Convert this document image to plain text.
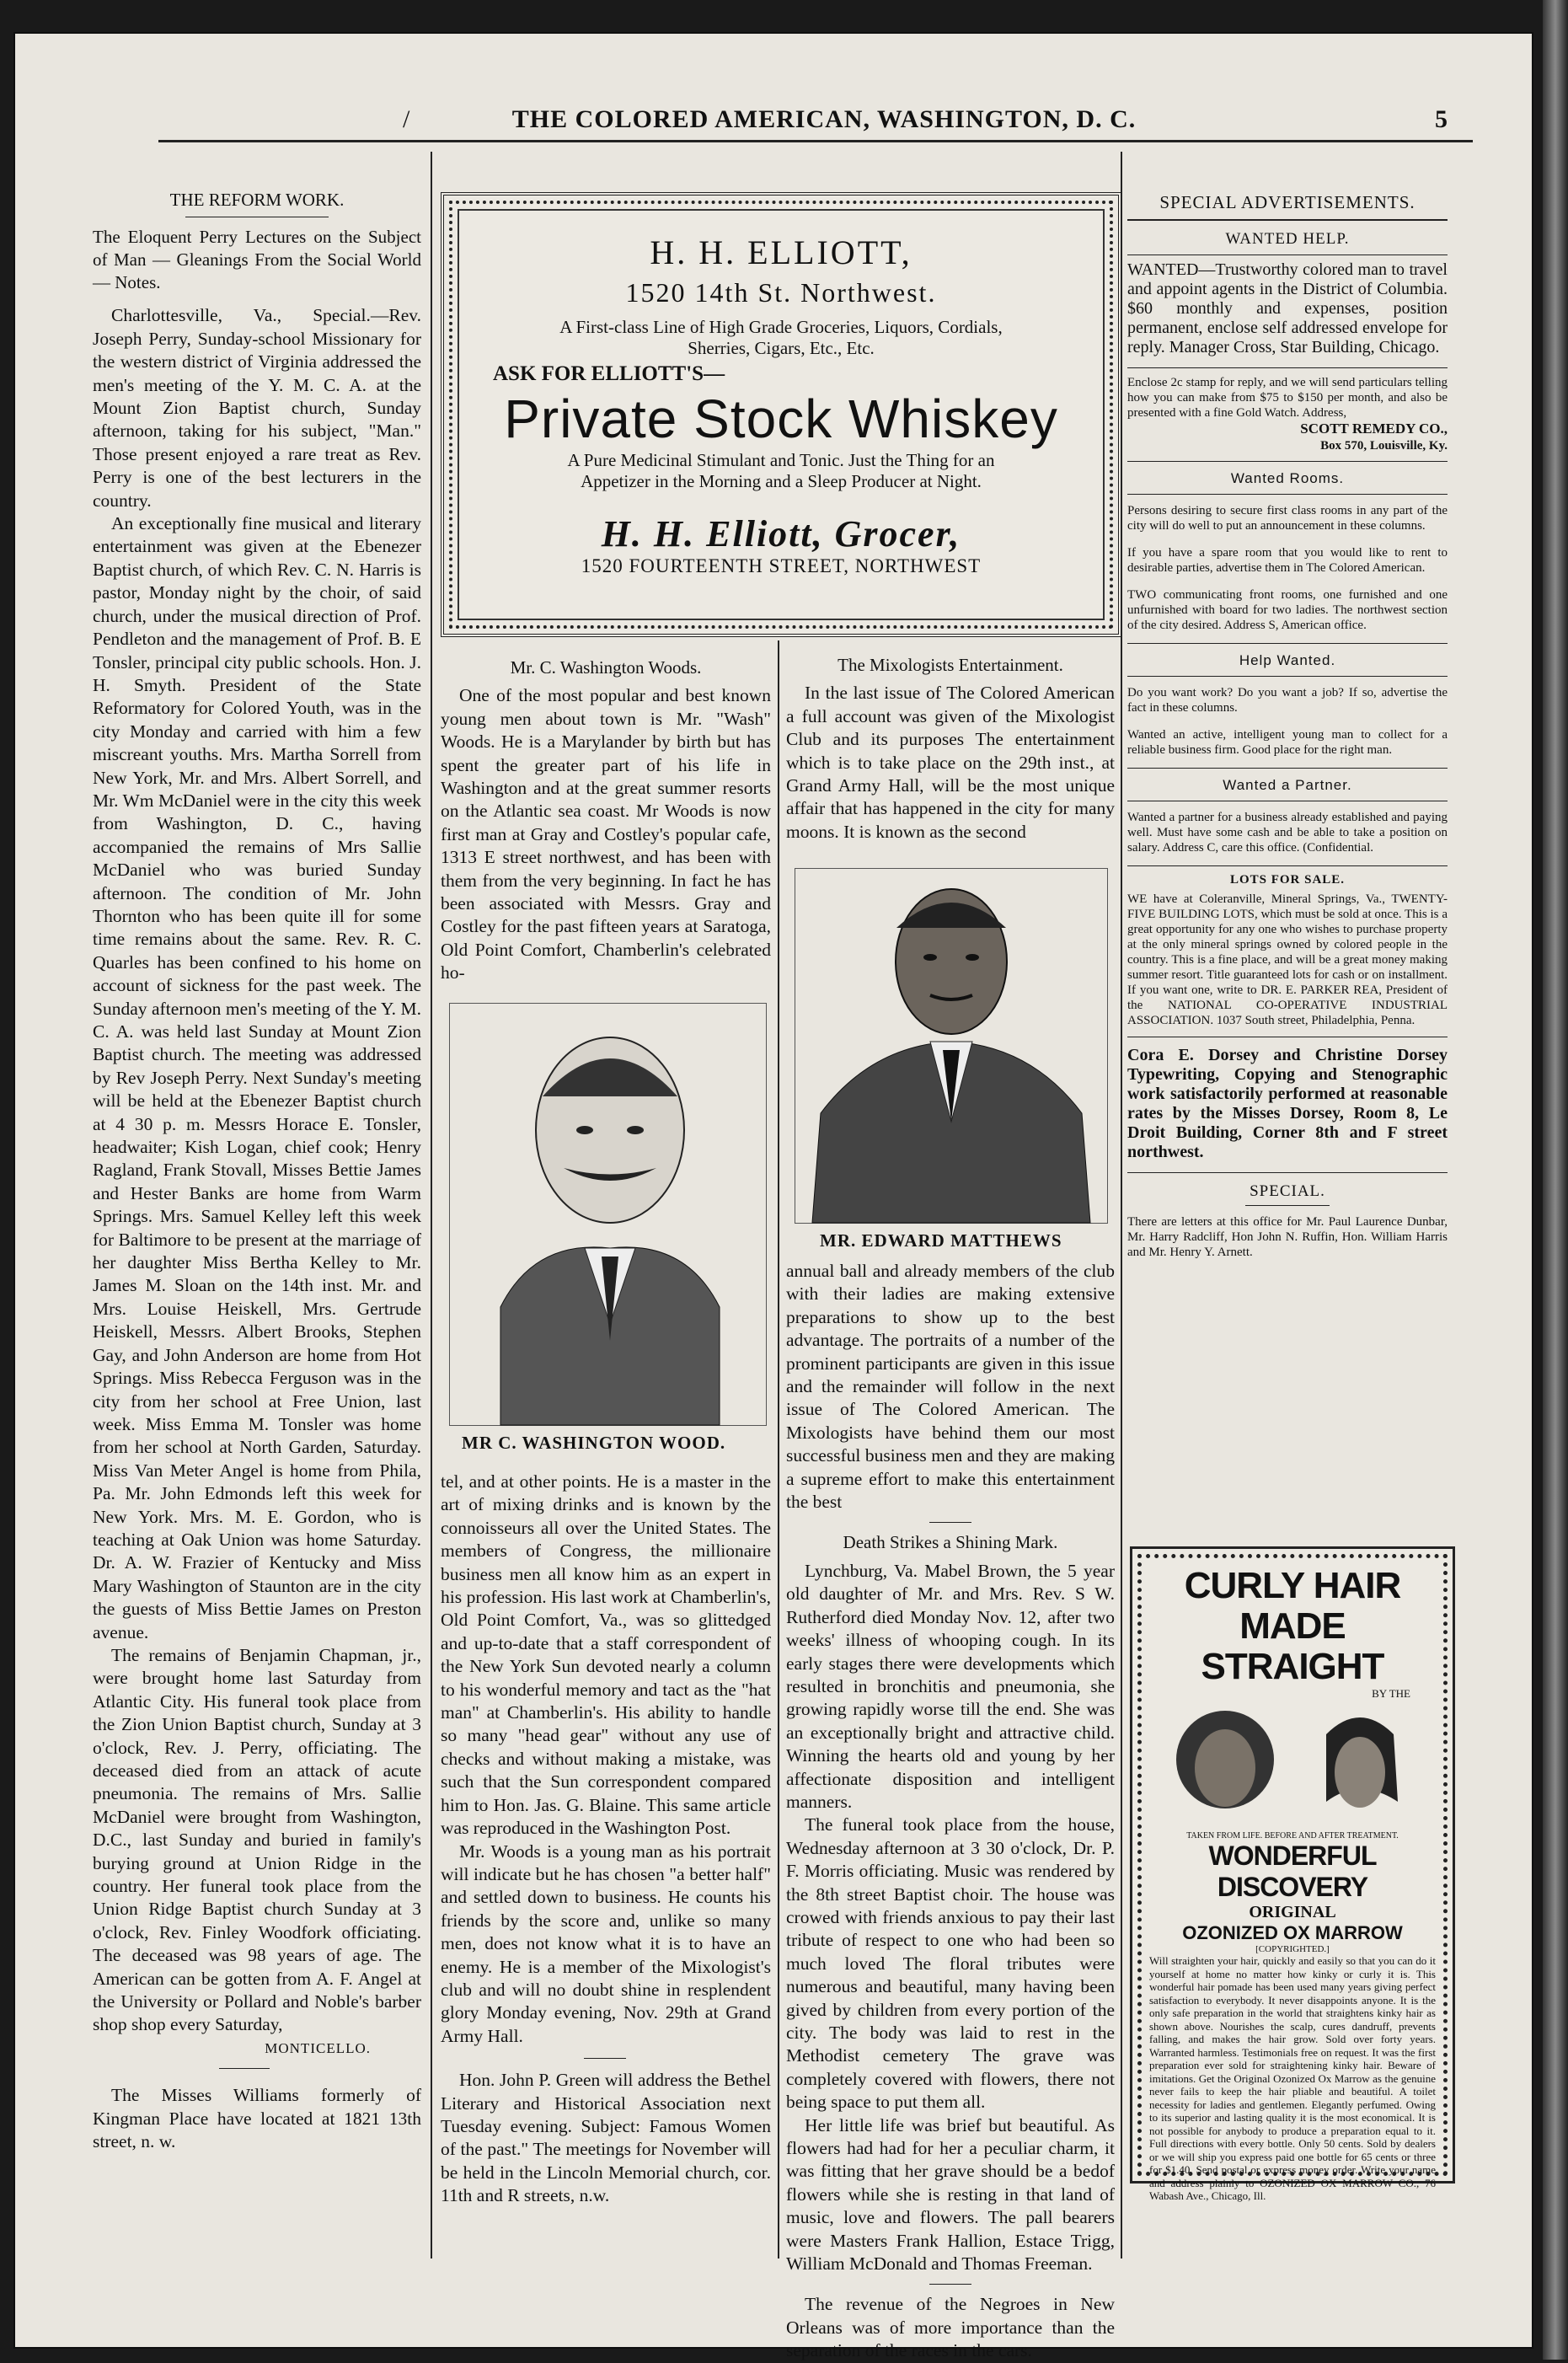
/	THE COLORED AMERICAN, WASHINGTON, D. C.	5
THE REFORM WORK.

The Eloquent Perry Lectures on the Subject of Man — Gleanings From the Social World — Notes.

Charlottesville, Va., Special.—Rev. Joseph Perry, Sunday-school Missionary for the western district of Virginia addressed the men's meeting of the Y. M. C. A. at the Mount Zion Baptist church, Sunday afternoon, taking for his subject, "Man." Those present enjoyed a rare treat as Rev. Perry is one of the best lecturers in the country.

An exceptionally fine musical and literary entertainment was given at the Ebenezer Baptist church, of which Rev. C. N. Harris is pastor, Monday night by the choir, of said church, under the musical direction of Prof. Pendleton and the management of Prof. B. E Tonsler, principal city public schools. Hon. J. H. Smyth. President of the State Reformatory for Colored Youth, was in the city Monday and carried with him a few miscreant youths. Mrs. Martha Sorrell from New York, Mr. and Mrs. Albert Sorrell, and Mr. Wm McDaniel were in the city this week from Washington, D. C., having accompanied the remains of Mrs Sallie McDaniel who was buried Sunday afternoon. The condition of Mr. John Thornton who has been quite ill for some time remains about the same. Rev. R. C. Quarles has been confined to his home on account of sickness for the past week. The Sunday afternoon men's meeting of the Y. M. C. A. was held last Sunday at Mount Zion Baptist church. The meeting was addressed by Rev Joseph Perry. Next Sunday's meeting will be held at the Ebenezer Baptist church at 4 30 p. m. Messrs Horace E. Tonsler, headwaiter; Kish Logan, chief cook; Henry Ragland, Frank Stovall, Misses Bettie James and Hester Banks are home from Warm Springs. Mrs. Samuel Kelley left this week for Baltimore to be present at the marriage of her daughter Miss Bertha Kelley to Mr. James M. Sloan on the 14th inst. Mr. and Mrs. Louise Heiskell, Mrs. Gertrude Heiskell, Messrs. Albert Brooks, Stephen Gay, and John Anderson are home from Hot Springs. Miss Rebecca Ferguson was in the city from her school at Free Union, last week. Miss Emma M. Tonsler was home from her school at North Garden, Saturday. Miss Van Meter Angel is home from Phila, Pa. Mr. John Edmonds left this week for New York. Mrs. M. E. Gordon, who is teaching at Oak Union was home Saturday. Dr. A. W. Frazier of Kentucky and Miss Mary Washington of Staunton are in the city the guests of Miss Bettie James on Preston avenue.

The remains of Benjamin Chapman, jr., were brought home last Saturday from Atlantic City. His funeral took place from the Zion Union Baptist church, Sunday at 3 o'clock, Rev. J. Perry, officiating. The deceased died from an attack of acute pneumonia. The remains of Mrs. Sallie McDaniel were brought from Washington, D.C., last Sunday and buried in family's burying ground at Union Ridge in the country. Her funeral took place from the Union Ridge Baptist church Sunday at 3 o'clock, Rev. Finley Woodfork officiating. The deceased was 98 years of age. The American can be gotten from A. F. Angel at the University or Pollard and Noble's barber shop shop every Saturday,

MONTICELLO.

The Misses Williams formerly of Kingman Place have located at 1821 13th street, n. w.

H. H. ELLIOTT,
1520 14th St. Northwest.
A First-class Line of High Grade Groceries, Liquors, Cordials,
Sherries, Cigars, Etc., Etc.
ASK FOR ELLIOTT'S—
Private Stock Whiskey
A Pure Medicinal Stimulant and Tonic. Just the Thing for an
Appetizer in the Morning and a Sleep Producer at Night.
H. H. Elliott, Grocer,
1520 FOURTEENTH STREET, NORTHWEST
Mr. C. Washington Woods.

One of the most popular and best known young men about town is Mr. "Wash" Woods. He is a Marylander by birth but has spent the greater part of his life in Washington and at the great summer resorts on the Atlantic sea coast. Mr Woods is now first man at Gray and Costley's popular cafe, 1313 E street northwest, and has been with them from the very beginning. In fact he has been associated with Messrs. Gray and Costley for the past fifteen years at Saratoga, Old Point Comfort, Chamberlin's celebrated ho-

MR C. WASHINGTON WOOD.

tel, and at other points. He is a master in the art of mixing drinks and is known by the connoisseurs all over the United States. The members of Congress, the millionaire business men all know him as an expert in his profession. His last work at Chamberlin's, Old Point Comfort, Va., was so glittedged and up-to-date that a staff correspondent of the New York Sun devoted nearly a column to his wonderful memory and tact as the "hat man" at Chamberlin's. His ability to handle so many "head gear" without any use of checks and without making a mistake, was such that the Sun correspondent compared him to Hon. Jas. G. Blaine. This same article was reproduced in the Washington Post.

Mr. Woods is a young man as his portrait will indicate but he has chosen "a better half" and settled down to business. He counts his friends by the score and, unlike so many men, does not know what it is to have an enemy. He is a member of the Mixologist's club and will no doubt shine in resplendent glory Monday evening, Nov. 29th at Grand Army Hall.

Hon. John P. Green will address the Bethel Literary and Historical Association next Tuesday evening. Subject: Famous Women of the past." The meetings for November will be held in the Lincoln Memorial church, cor. 11th and R streets, n.w.

The Mixologists Entertainment.

In the last issue of The Colored American a full account was given of the Mixologist Club and its purposes The entertainment which is to take place on the 29th inst., at Grand Army Hall, will be the most unique affair that has happened in the city for many moons. It is known as the second

MR. EDWARD MATTHEWS

annual ball and already members of the club with their ladies are making extensive preparations to show up to the best advantage. The portraits of a number of the prominent participants are given in this issue and the remainder will follow in the next issue of The Colored American. The Mixologists have behind them our most successful business men and they are making a supreme effort to make this entertainment the best

Death Strikes a Shining Mark.

Lynchburg, Va. Mabel Brown, the 5 year old daughter of Mr. and Mrs. Rev. S W. Rutherford died Monday Nov. 12, after two weeks' illness of whooping cough. In its early stages there were developments which resulted in bronchitis and pneumonia, she growing rapidly worse till the end. She was an exceptionally bright and attractive child. Winning the hearts old and young by her affectionate disposition and intelligent manners.

The funeral took place from the house, Wednesday afternoon at 3 30 o'clock, Dr. P. F. Morris officiating. Music was rendered by the 8th street Baptist choir. The house was crowed with friends anxious to pay their last tribute of respect to one who had been so much loved The floral tributes were numerous and beautiful, many having been gived by children from every portion of the city. The body was laid to rest in the Methodist cemetery The grave was completely covered with flowers, there not being space to put them all.

Her little life was brief but beautiful. As flowers had had for her a peculiar charm, it was fitting that her grave should be a bedof flowers while she is resting in that land of music, love and flowers. The pall bearers were Masters Frank Hallion, Estace Trigg, William McDonald and Thomas Freeman.

The revenue of the Negroes in New Orleans was of more importance than the separation of the races in the cars.

SPECIAL ADVERTISEMENTS.
WANTED HELP.

WANTED—Trustworthy colored man to travel and appoint agents in the District of Columbia. $60 monthly and expenses, position permanent, enclose self addressed envelope for reply. Manager Cross, Star Building, Chicago.

Enclose 2c stamp for reply, and we will send particulars telling how you can make from $75 to $150 per month, and also be presented with a fine Gold Watch. Address,

SCOTT REMEDY CO.,
Box 570, Louisville, Ky.
Wanted Rooms.

Persons desiring to secure first class rooms in any part of the city will do well to put an announcement in these columns.

If you have a spare room that you would like to rent to desirable parties, advertise them in The Colored American.

TWO communicating front rooms, one furnished and one unfurnished with board for two ladies. The northwest section of the city desired. Address S, American office.

Help Wanted.

Do you want work? Do you want a job? If so, advertise the fact in these columns.

Wanted an active, intelligent young man to collect for a reliable business firm. Good place for the right man.

Wanted a Partner.

Wanted a partner for a business already established and paying well. Must have some cash and be able to take a position on salary. Address C, care this office. (Confidential.

LOTS FOR SALE.

WE have at Coleranville, Mineral Springs, Va., TWENTY-FIVE BUILDING LOTS, which must be sold at once. This is a great opportunity for any one who wishes to purchase property at the only mineral springs owned by colored people in the country. This is a fine place, and will be a great money making summer resort. Title guaranteed lots for cash or on installment. If you want one, write to DR. E. PARKER REA, President of the NATIONAL CO-OPERATIVE INDUSTRIAL ASSOCIATION. 1037 South street, Philadelphia, Penna.

Cora E. Dorsey and Christine Dorsey Typewriting, Copying and Stenographic work satisfactorily performed at reasonable rates by the Misses Dorsey, Room 8, Le Droit Building, Corner 8th and F street northwest.

SPECIAL.

There are letters at this office for Mr. Paul Laurence Dunbar, Mr. Harry Radcliff, Hon John N. Ruffin, Hon. William Harris and Mr. Henry Y. Arnett.

CURLY HAIR
MADE STRAIGHT
BY THE
TAKEN FROM LIFE. BEFORE AND AFTER TREATMENT.
WONDERFUL DISCOVERY
ORIGINAL
OZONIZED OX MARROW
[COPYRIGHTED.]
Will straighten your hair, quickly and easily so that you can do it yourself at home no matter how kinky or curly it is. This wonderful hair pomade has been used many years giving perfect satisfaction to everybody. It never disappoints anyone. It is the only safe preparation in the world that straightens kinky hair as shown above. Nourishes the scalp, cures dandruff, prevents falling, and makes the hair grow. Sold over forty years. Warranted harmless. Testimonials free on request. It was the first preparation ever sold for straightening kinky hair. Beware of imitations. Get the Original Ozonized Ox Marrow as the genuine never fails to keep the hair pliable and beautiful. A toilet necessity for ladies and gentlemen. Elegantly perfumed. Owing to its superior and lasting quality it is the most economical. It is not possible for anybody to produce a preparation equal to it. Full directions with every bottle. Only 50 cents. Sold by dealers or we will ship you express paid one bottle for 65 cents or three for $1.40. Send postal or express money order. Write your name and address plainly to OZONIZED OX MARROW CO., 76 Wabash Ave., Chicago, Ill.
